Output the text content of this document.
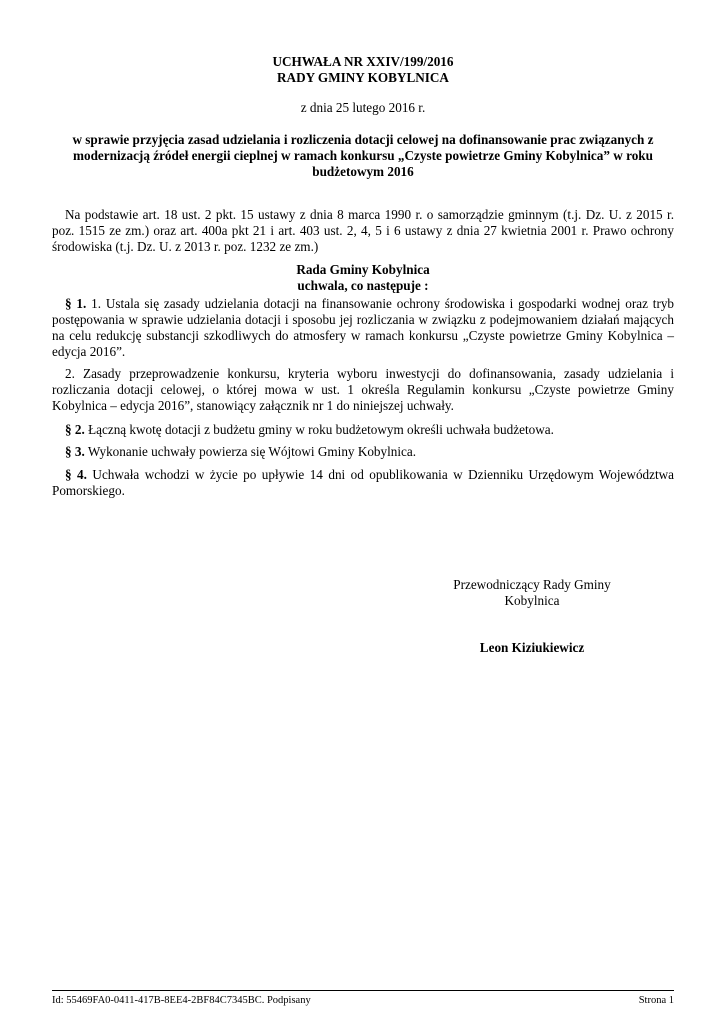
UCHWAŁA NR XXIV/199/2016
RADY GMINY KOBYLNICA
z dnia 25 lutego 2016 r.
w sprawie przyjęcia zasad udzielania i rozliczenia dotacji celowej na dofinansowanie prac związanych z modernizacją źródeł energii cieplnej w ramach konkursu „Czyste powietrze Gminy Kobylnica” w roku budżetowym 2016
Na podstawie art. 18 ust. 2 pkt. 15 ustawy z dnia 8 marca 1990 r. o samorządzie gminnym (t.j. Dz. U. z 2015 r. poz. 1515 ze zm.) oraz art. 400a pkt 21 i art. 403 ust. 2, 4, 5 i 6 ustawy z dnia 27 kwietnia 2001 r. Prawo ochrony środowiska (t.j. Dz. U. z 2013 r. poz. 1232 ze zm.)
Rada Gminy Kobylnica
uchwala, co następuje :
§ 1. 1. Ustala się zasady udzielania dotacji na finansowanie ochrony środowiska i gospodarki wodnej oraz tryb postępowania w sprawie udzielania dotacji i sposobu jej rozliczania w związku z podejmowaniem działań mających na celu redukcję substancji szkodliwych do atmosfery w ramach konkursu „Czyste powietrze Gminy Kobylnica – edycja 2016”.
2. Zasady przeprowadzenie konkursu, kryteria wyboru inwestycji do dofinansowania, zasady udzielania i rozliczania dotacji celowej, o której mowa w ust. 1 określa Regulamin konkursu „Czyste powietrze Gminy Kobylnica – edycja 2016”, stanowiący załącznik nr 1 do niniejszej uchwały.
§ 2. Łączną kwotę dotacji z budżetu gminy w roku budżetowym określi uchwała budżetowa.
§ 3. Wykonanie uchwały powierza się Wójtowi Gminy Kobylnica.
§ 4. Uchwała wchodzi w życie po upływie 14 dni od opublikowania w Dzienniku Urzędowym Województwa Pomorskiego.
Przewodniczący Rady Gminy
Kobylnica
Leon Kiziukiewicz
Id: 55469FA0-0411-417B-8EE4-2BF84C7345BC. Podpisany	Strona 1
